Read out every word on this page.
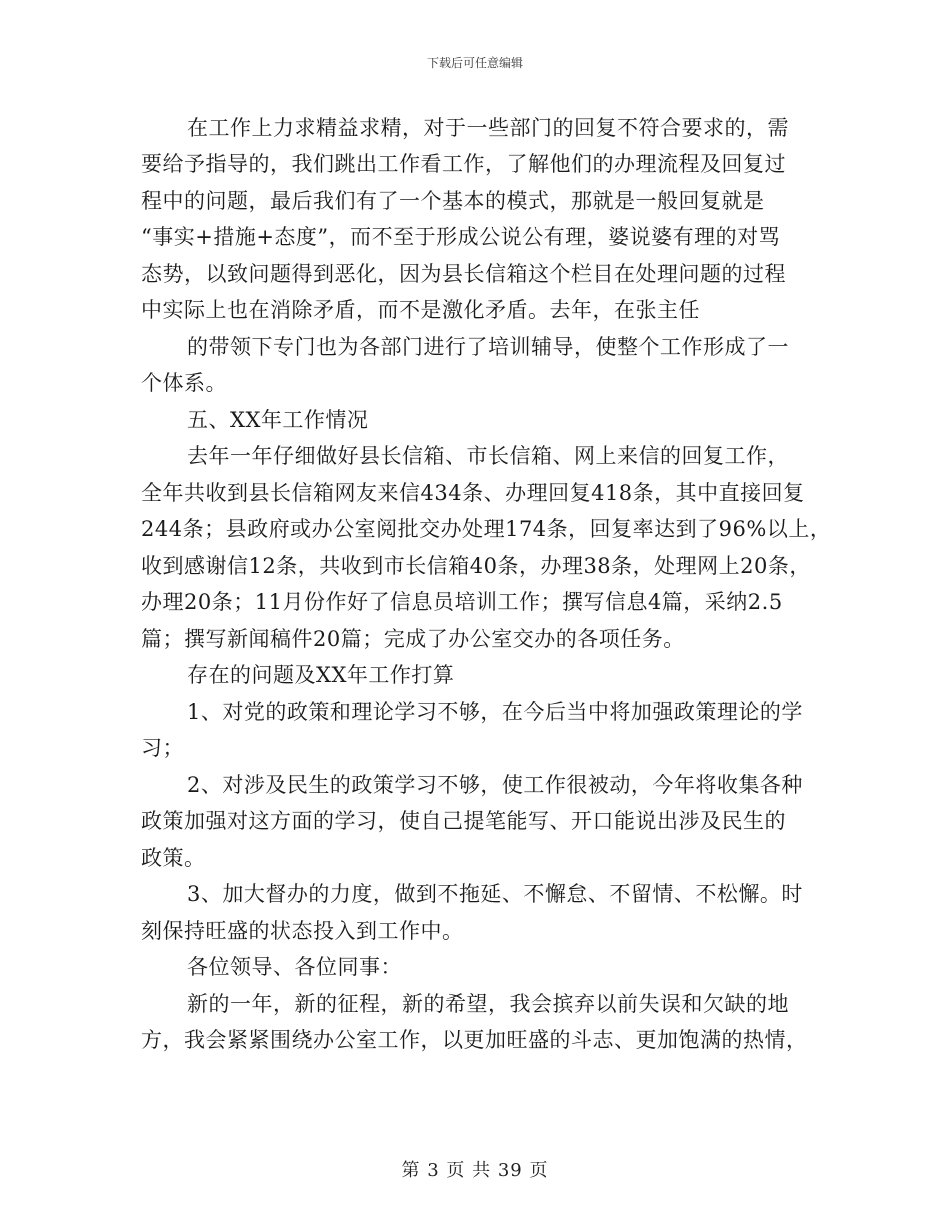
下载后可任意编辑
在工作上力求精益求精，对于一些部门的回复不符合要求的，需
要给予指导的，我们跳出工作看工作，了解他们的办理流程及回复过
程中的问题，最后我们有了一个基本的模式，那就是一般回复就是
“事实+措施+态度”，而不至于形成公说公有理，婆说婆有理的对骂
态势，以致问题得到恶化，因为县长信箱这个栏目在处理问题的过程
中实际上也在消除矛盾，而不是激化矛盾。去年，在张主任
的带领下专门也为各部门进行了培训辅导，使整个工作形成了一
个体系。
五、XX年工作情况
去年一年仔细做好县长信箱、市长信箱、网上来信的回复工作，
全年共收到县长信箱网友来信434条、办理回复418条，其中直接回复
244条；县政府或办公室阅批交办处理174条，回复率达到了96%以上，
收到感谢信12条，共收到市长信箱40条，办理38条，处理网上20条，
办理20条；11月份作好了信息员培训工作；撰写信息4篇，采纳2.5
篇；撰写新闻稿件20篇；完成了办公室交办的各项任务。
存在的问题及XX年工作打算
1、对党的政策和理论学习不够，在今后当中将加强政策理论的学
习；
2、对涉及民生的政策学习不够，使工作很被动，今年将收集各种
政策加强对这方面的学习，使自己提笔能写、开口能说出涉及民生的
政策。
3、加大督办的力度，做到不拖延、不懈怠、不留情、不松懈。时
刻保持旺盛的状态投入到工作中。
各位领导、各位同事：
新的一年，新的征程，新的希望，我会摈弃以前失误和欠缺的地
方，我会紧紧围绕办公室工作，以更加旺盛的斗志、更加饱满的热情，
第 3 页 共 39 页
